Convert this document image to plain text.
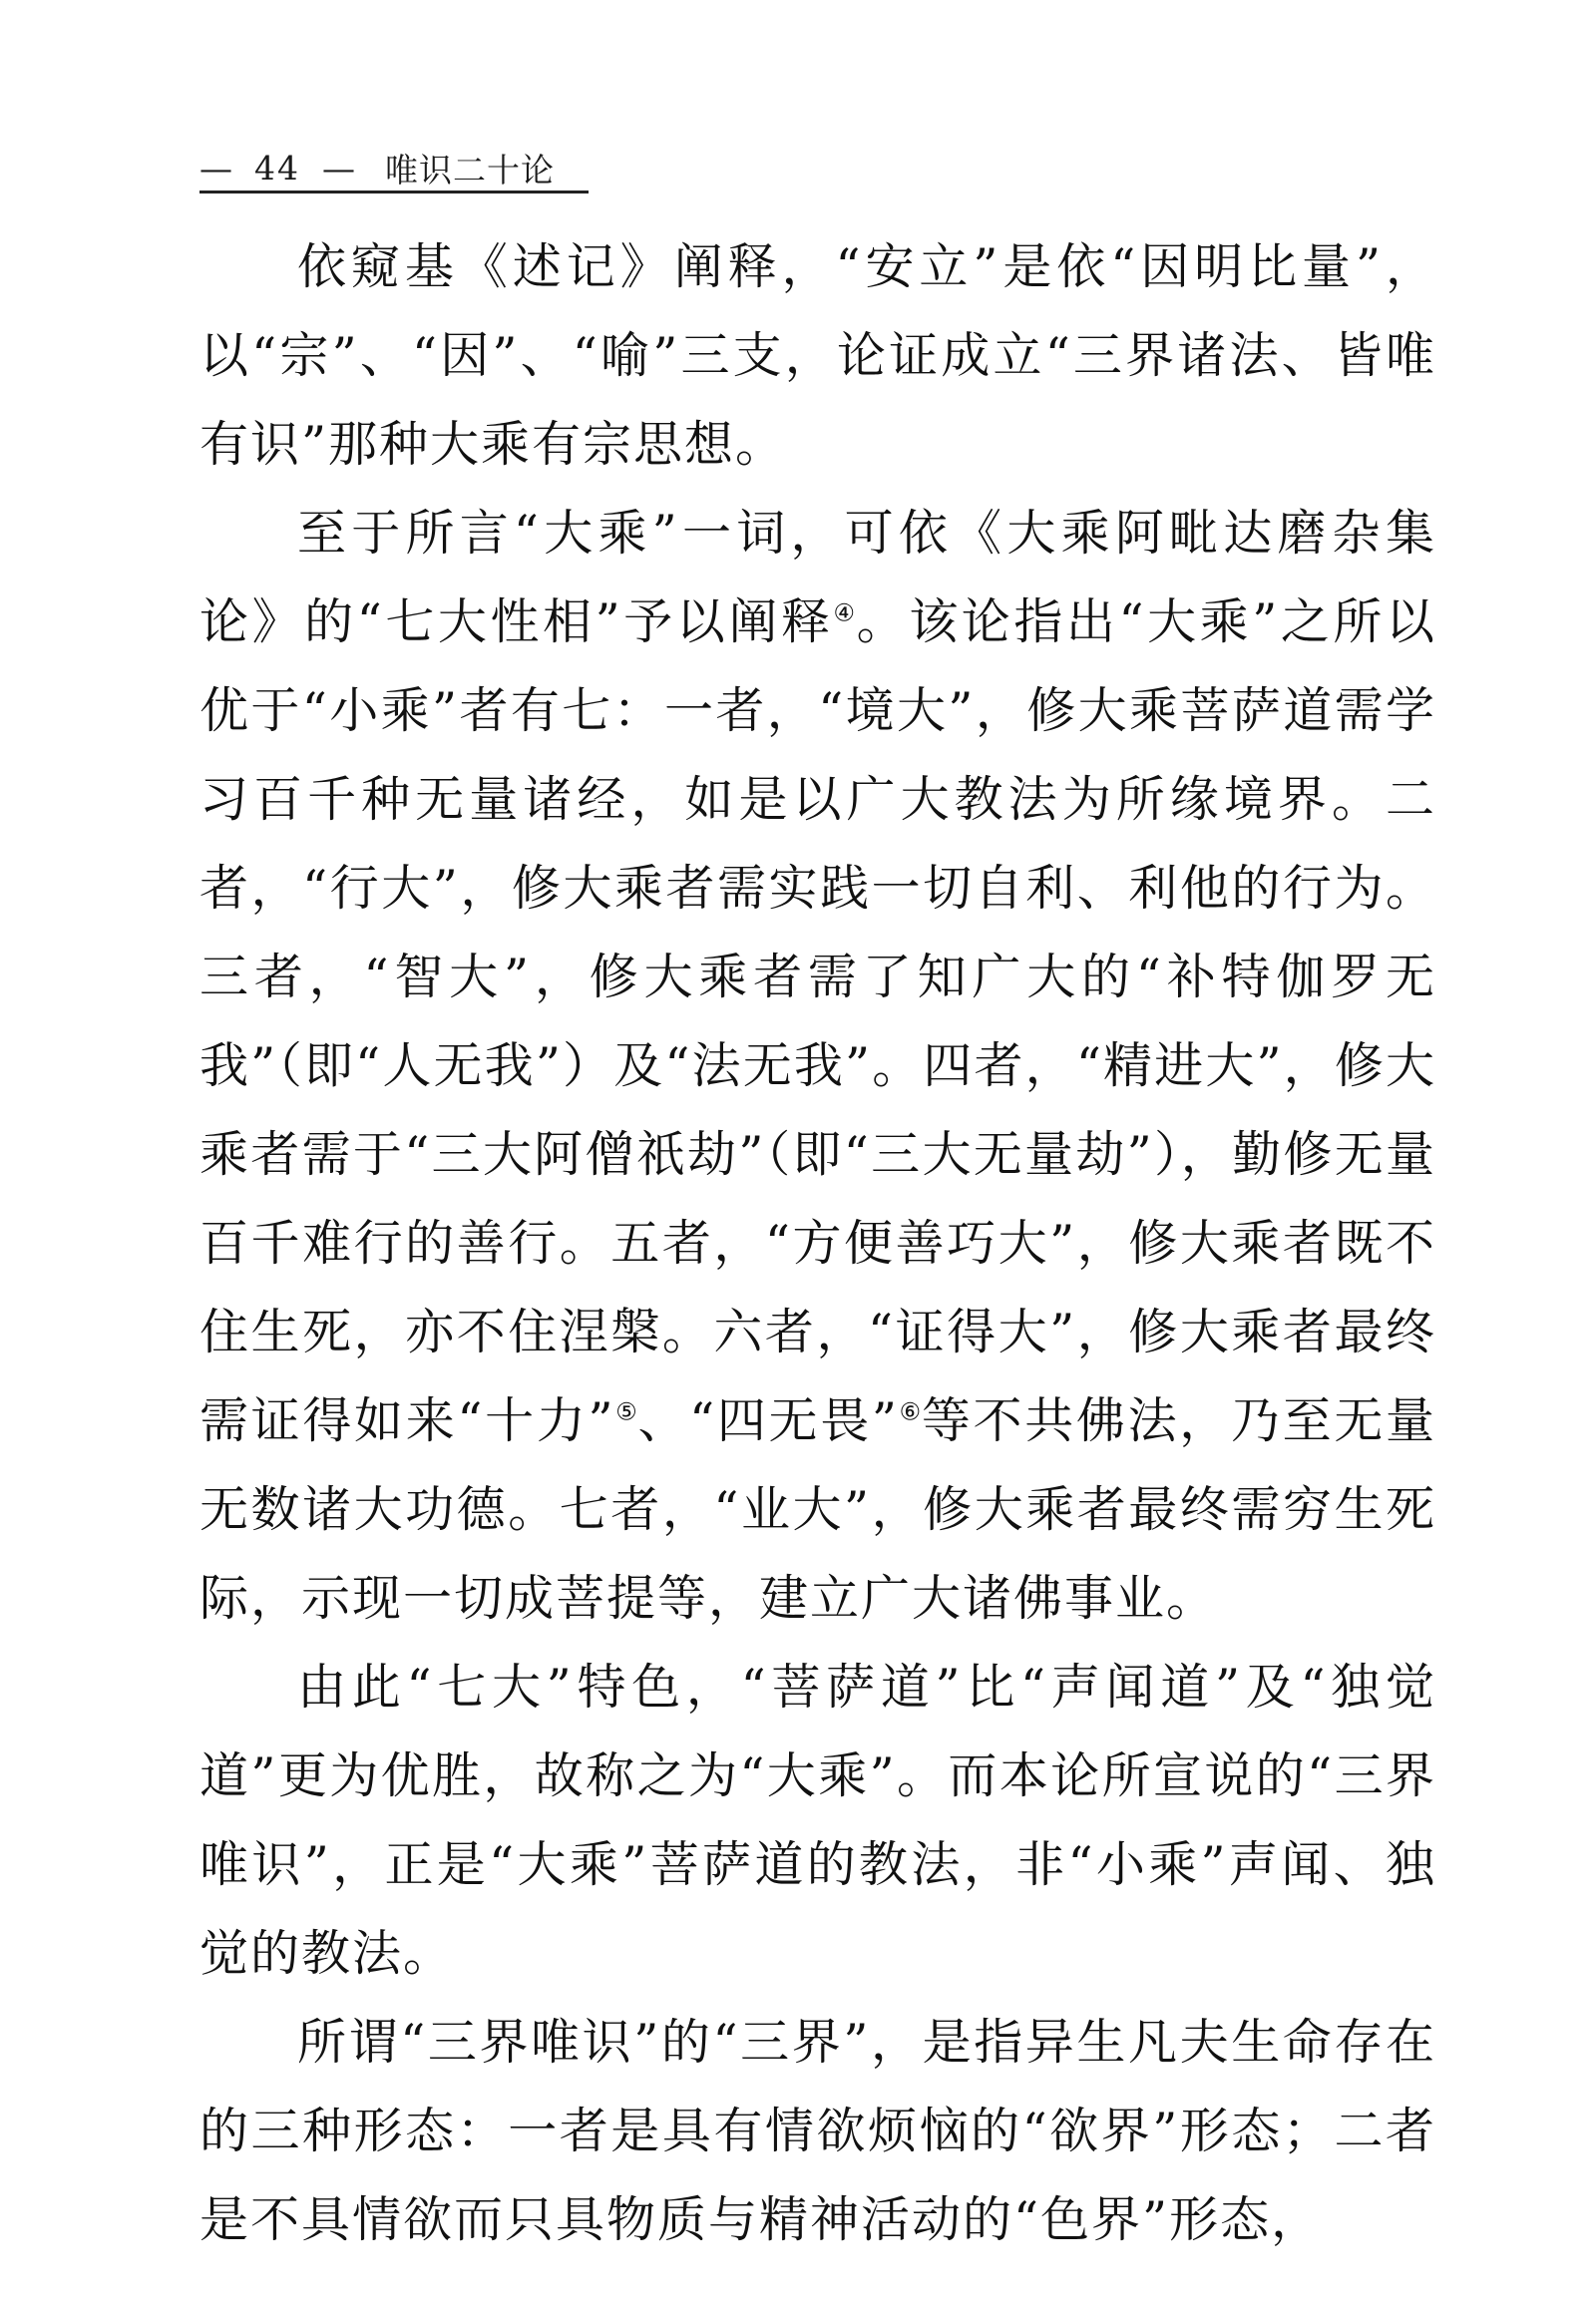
— 44 — 唯识二十论

依窥基《述记》阐释，“安立”是依“因明比量”，以“宗”、“因”、“喻”三支，论证成立“三界诸法、皆唯有识”那种大乘有宗思想。

至于所言“大乘”一词，可依《大乘阿毗达磨杂集论》的“七大性相”予以阐释④。该论指出“大乘”之所以优于“小乘”者有七：一者，“境大”，修大乘菩萨道需学习百千种无量诸经，如是以广大教法为所缘境界。二者，“行大”，修大乘者需实践一切自利、利他的行为。三者，“智大”，修大乘者需了知广大的“补特伽罗无我”（即“人无我”）及“法无我”。四者，“精进大”，修大乘者需于“三大阿僧祇劫”（即“三大无量劫”），勤修无量百千难行的善行。五者，“方便善巧大”，修大乘者既不住生死，亦不住涅槃。六者，“证得大”，修大乘者最终需证得如来“十力”⑤、“四无畏”⑥等不共佛法，乃至无量无数诸大功德。七者，“业大”，修大乘者最终需穷生死际，示现一切成菩提等，建立广大诸佛事业。

由此“七大”特色，“菩萨道”比“声闻道”及“独觉道”更为优胜，故称之为“大乘”。而本论所宣说的“三界唯识”，正是“大乘”菩萨道的教法，非“小乘”声闻、独觉的教法。

所谓“三界唯识”的“三界”，是指异生凡夫生命存在的三种形态：一者是具有情欲烦恼的“欲界”形态；二者是不具情欲而只具物质与精神活动的“色界”形态，
